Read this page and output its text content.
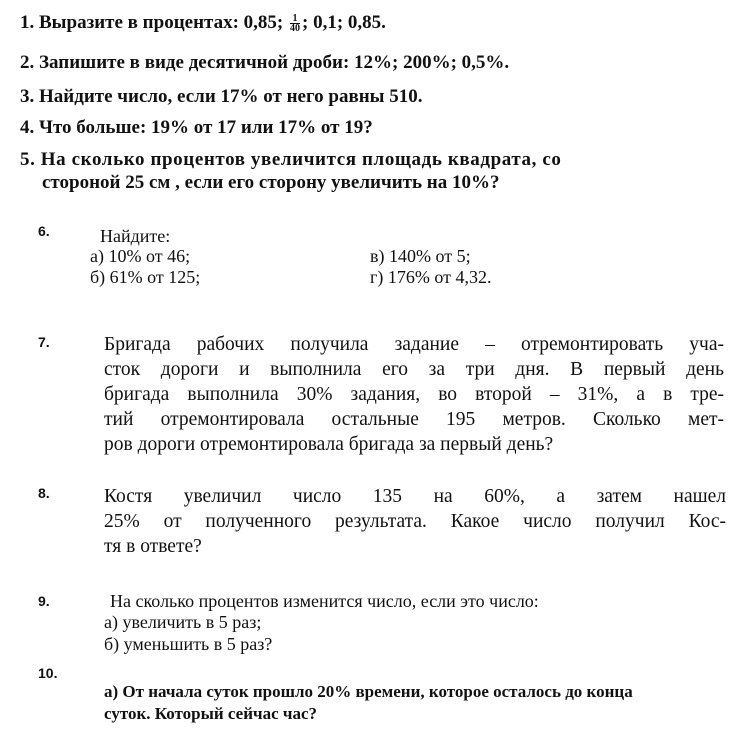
1. Выразите в процентах: 0,85; $\frac{1}{40}$ ; 0,1; 0,85.
2. Запишите в виде десятичной дроби: 12%; 200%; 0,5%.
3. Найдите число, если 17% от него равны 510.
4. Что больше: 19% от 17 или 17% от 19?
5. На сколько процентов увеличится площадь квадрата, со
стороной 25 см , если его сторону увеличить на 10%?
6.	Найдите:
а) 10% от 46;
б) 61% от 125;
в) 140% от 5;
г) 176% от 4,32.
7.	Бригада рабочих получила задание – отремонтировать уча-
сток дороги и выполнила его за три дня. В первый день
бригада выполнила 30% задания, во второй – 31%, а в тре-
тий отремонтировала остальные 195 метров. Сколько мет-
ров дороги отремонтировала бригада за первый день?
8.	Костя увеличил число 135 на 60%, а затем нашел
25% от полученного результата. Какое число получил Кос-
тя в ответе?
9.	На сколько процентов изменится число, если это число:
а) увеличить в 5 раз;
б) уменьшить в 5 раз?
10.
а) От начала суток прошло 20% времени, которое осталось до конца
суток. Который сейчас час?
